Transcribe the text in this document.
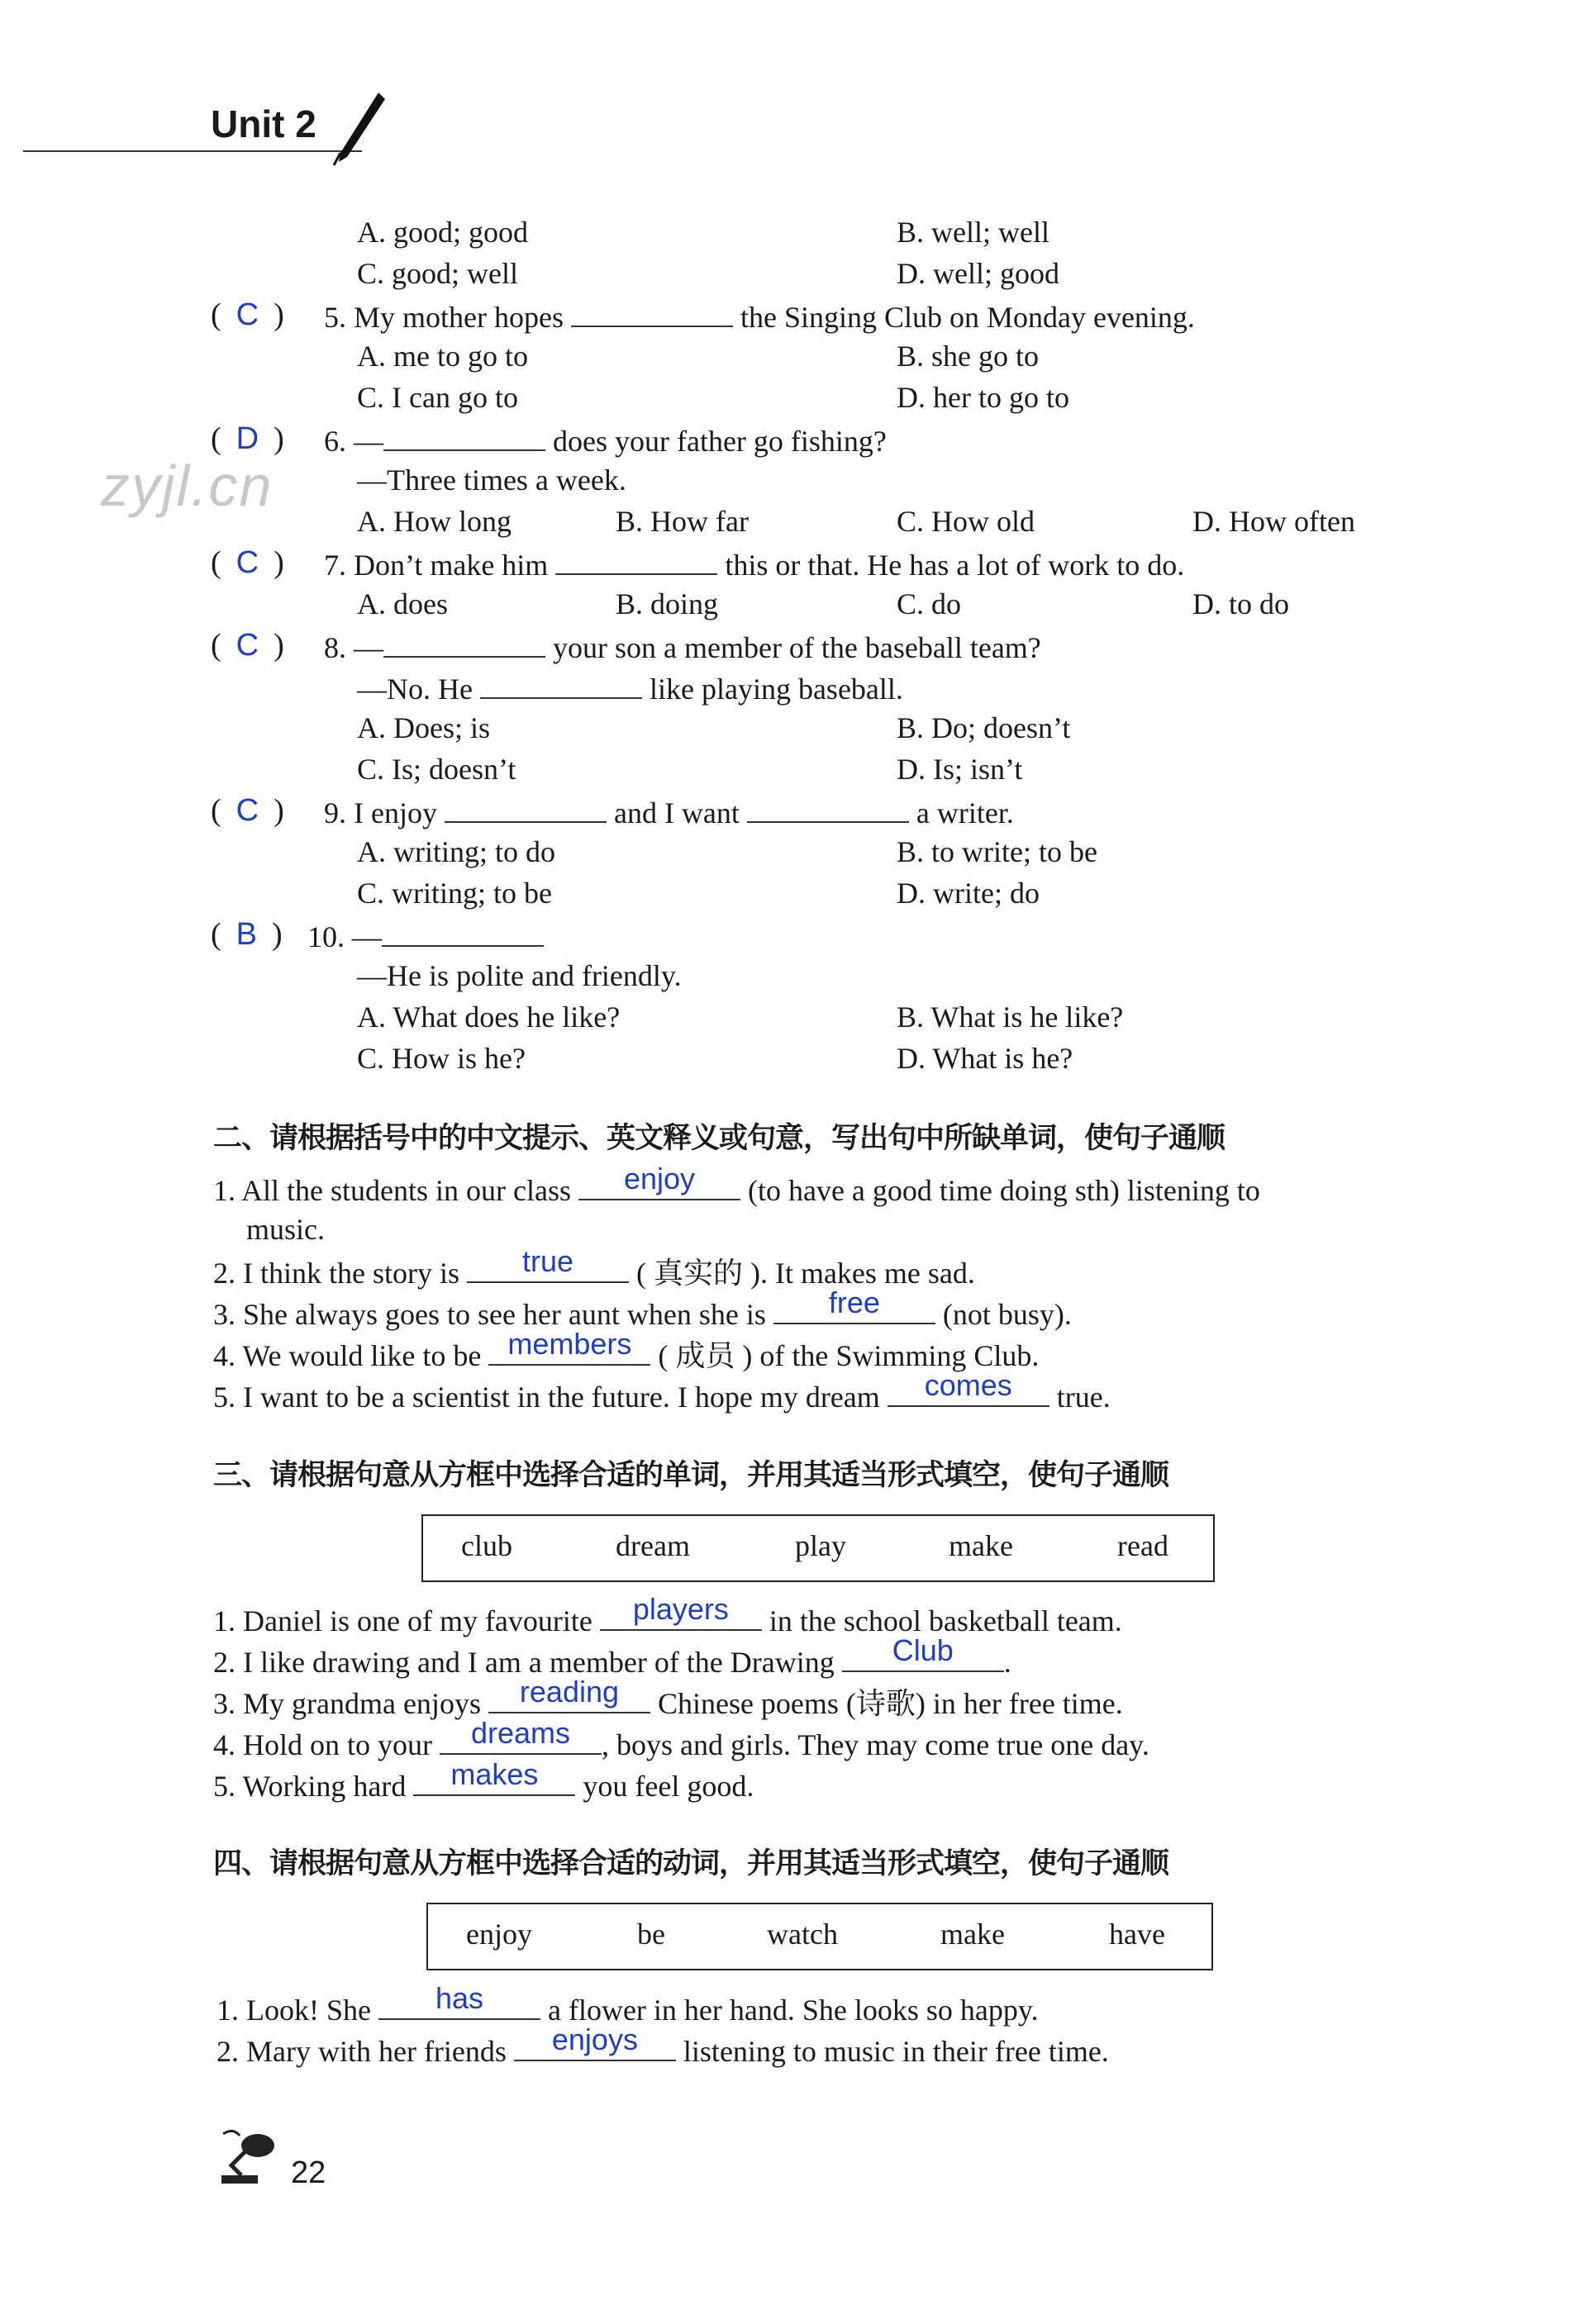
Unit 2
zyjl.cn
A. good; good	B. well; well
C. good; well	D. well; good
( C ) 5. My mother hopes	the Singing Club on Monday evening.
A. me to go to	B. she go to
C. I can go to	D. her to go to
( D ) 6. —	does your father go fishing?
—Three times a week.
A. How long	B. How far	C. How old	D. How often
( C ) 7. Don’t make him	this or that. He has a lot of work to do.
A. does	B. doing	C. do	D. to do
( C ) 8. —	your son a member of the baseball team?
—No. He	like playing baseball.
A. Does; is	B. Do; doesn’t
C. Is; doesn’t	D. Is; isn’t
( C ) 9. I enjoy	and I want	a writer.
A. writing; to do	B. to write; to be
C. writing; to be	D. write; do
( B ) 10. —
—He is polite and friendly.
A. What does he like?	B. What is he like?
C. How is he?	D. What is he?
二、请根据括号中的中文提示、英文释义或句意，写出句中所缺单词，使句子通顺
1. All the students in our class	enjoy	(to have a good time doing sth) listening to
music.
2. I think the story is	true	( 真实的 ). It makes me sad.
3. She always goes to see her aunt when she is	free	(not busy).
4. We would like to be members ( 成员 ) of the Swimming Club.
5. I want to be a scientist in the future. I hope my dream	comes	true.
三、请根据句意从方框中选择合适的单词，并用其适当形式填空，使句子通顺
club	dream	play	make	read
1. Daniel is one of my favourite	players	in the school basketball team.
2. I like drawing and I am a member of the Drawing	Club	.
3. My grandma enjoys	reading	Chinese poems (诗歌) in her free time.
4. Hold on to your	dreams	, boys and girls. They may come true one day.
5. Working hard	makes	you feel good.
四、请根据句意从方框中选择合适的动词，并用其适当形式填空，使句子通顺
enjoy	be	watch	make	have
1. Look! She	has	a flower in her hand. She looks so happy.
2. Mary with her friends	enjoys	listening to music in their free time.
22
